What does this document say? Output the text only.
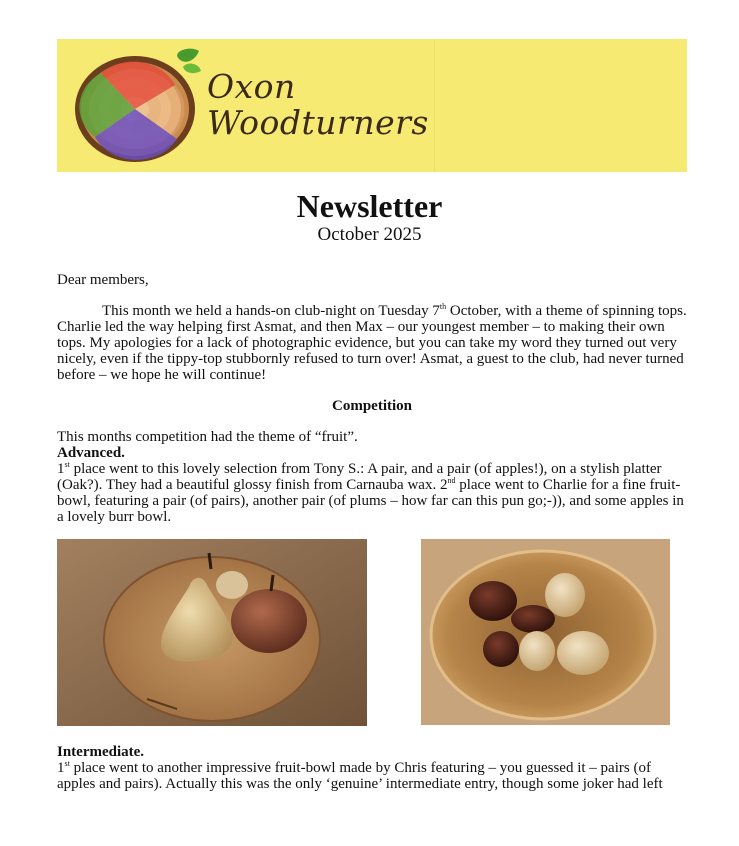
Oxon
Woodturners
Newsletter
October 2025
Dear members,
This month we held a hands-on club-night on Tuesday 7th October, with a theme of spinning tops. Charlie led the way helping first Asmat, and then Max – our youngest member – to making their own tops. My apologies for a lack of photographic evidence, but you can take my word they turned out very nicely, even if the tippy-top stubbornly refused to turn over! Asmat, a guest to the club, had never turned before – we hope he will continue!
Competition
This months competition had the theme of “fruit”.
Advanced.
1st place went to this lovely selection from Tony S.: A pair, and a pair (of apples!), on a stylish platter (Oak?). They had a beautiful glossy finish from Carnauba wax. 2nd place went to Charlie for a fine fruit-bowl, featuring a pair (of pairs), another pair (of plums – how far can this pun go;-)), and some apples in a lovely burr bowl.
Intermediate.
1st place went to another impressive fruit-bowl made by Chris featuring – you guessed it – pairs (of apples and pairs). Actually this was the only ‘genuine’ intermediate entry, though some joker had left
